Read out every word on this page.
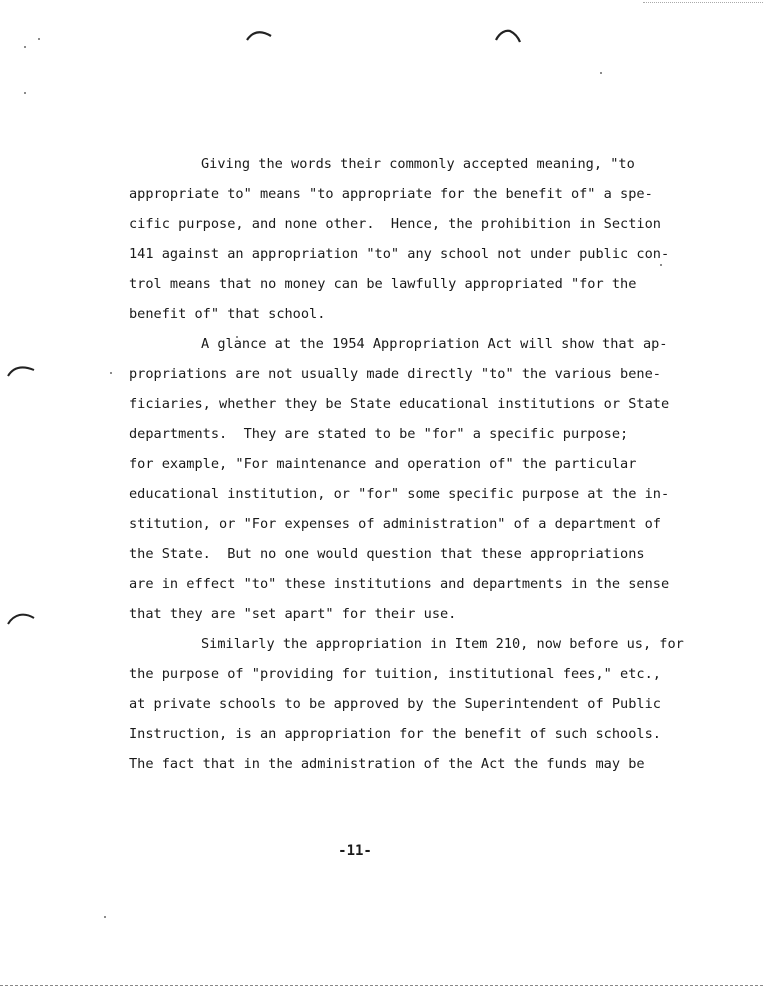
Giving the words their commonly accepted meaning, "to
appropriate to" means "to appropriate for the benefit of" a spe-
cific purpose, and none other.  Hence, the prohibition in Section
141 against an appropriation "to" any school not under public con-
trol means that no money can be lawfully appropriated "for the
benefit of" that school.
A glance at the 1954 Appropriation Act will show that ap-
propriations are not usually made directly "to" the various bene-
ficiaries, whether they be State educational institutions or State
departments.  They are stated to be "for" a specific purpose;
for example, "For maintenance and operation of" the particular
educational institution, or "for" some specific purpose at the in-
stitution, or "For expenses of administration" of a department of
the State.  But no one would question that these appropriations
are in effect "to" these institutions and departments in the sense
that they are "set apart" for their use.
Similarly the appropriation in Item 210, now before us, for
the purpose of "providing for tuition, institutional fees," etc.,
at private schools to be approved by the Superintendent of Public
Instruction, is an appropriation for the benefit of such schools.
The fact that in the administration of the Act the funds may be
-11-
